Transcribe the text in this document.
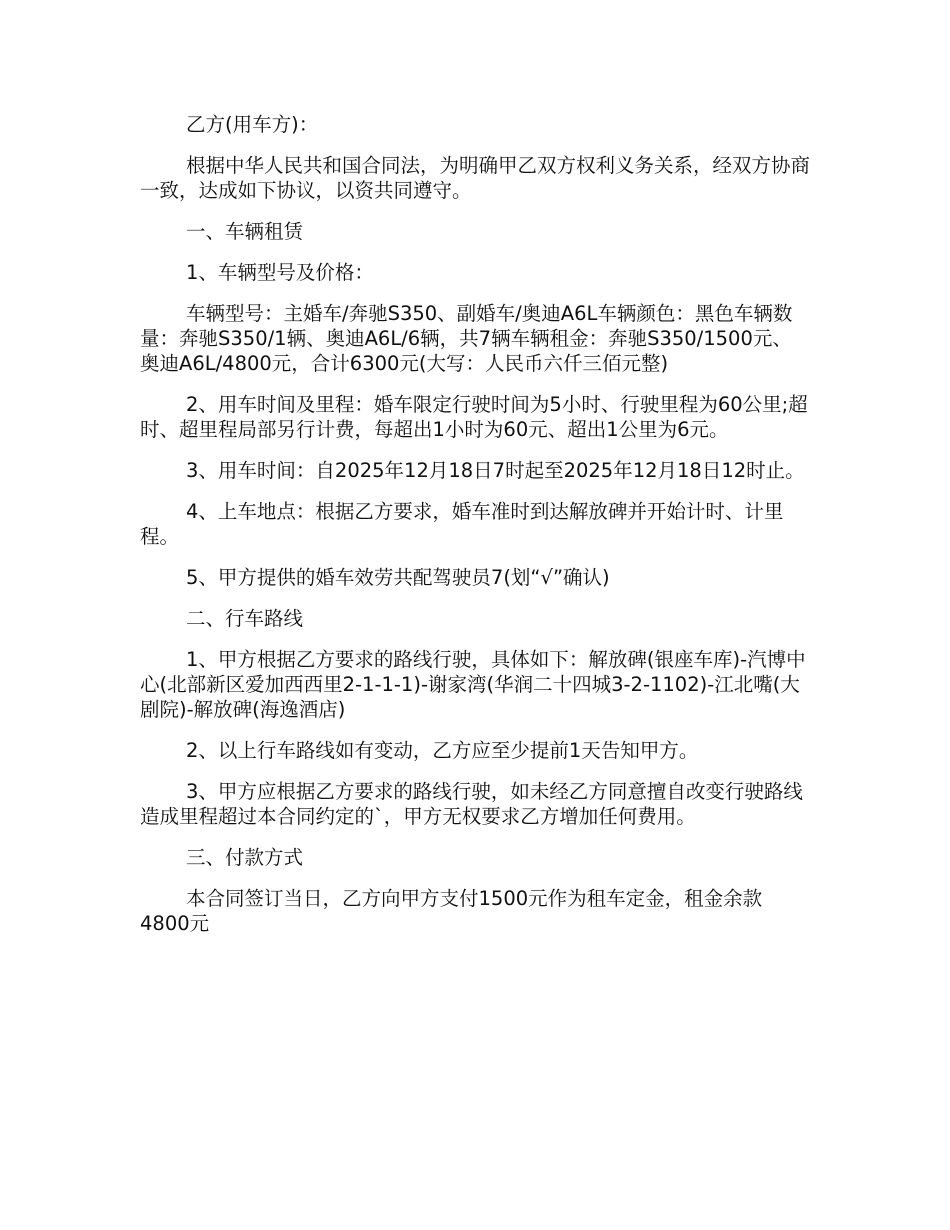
乙方(用车方)：

根据中华人民共和国合同法，为明确甲乙双方权利义务关系，经双方协商一致，达成如下协议，以资共同遵守。

一、车辆租赁

1、车辆型号及价格：

车辆型号：主婚车/奔驰S350、副婚车/奥迪A6L车辆颜色：黑色车辆数量：奔驰S350/1辆、奥迪A6L/6辆，共7辆车辆租金：奔驰S350/1500元、奥迪A6L/4800元，合计6300元(大写：人民币六仟三佰元整)

2、用车时间及里程：婚车限定行驶时间为5小时、行驶里程为60公里;超时、超里程局部另行计费，每超出1小时为60元、超出1公里为6元。

3、用车时间：自2025年12月18日7时起至2025年12月18日12时止。

4、上车地点：根据乙方要求，婚车准时到达解放碑并开始计时、计里程。

5、甲方提供的婚车效劳共配驾驶员7(划“√”确认)

二、行车路线

1、甲方根据乙方要求的路线行驶，具体如下：解放碑(银座车库)-汽博中心(北部新区爱加西西里2-1-1-1)-谢家湾(华润二十四城3-2-1102)-江北嘴(大剧院)-解放碑(海逸酒店)

2、以上行车路线如有变动，乙方应至少提前1天告知甲方。

3、甲方应根据乙方要求的路线行驶，如未经乙方同意擅自改变行驶路线造成里程超过本合同约定的`，甲方无权要求乙方增加任何费用。

三、付款方式

本合同签订当日，乙方向甲方支付1500元作为租车定金，租金余款4800元
